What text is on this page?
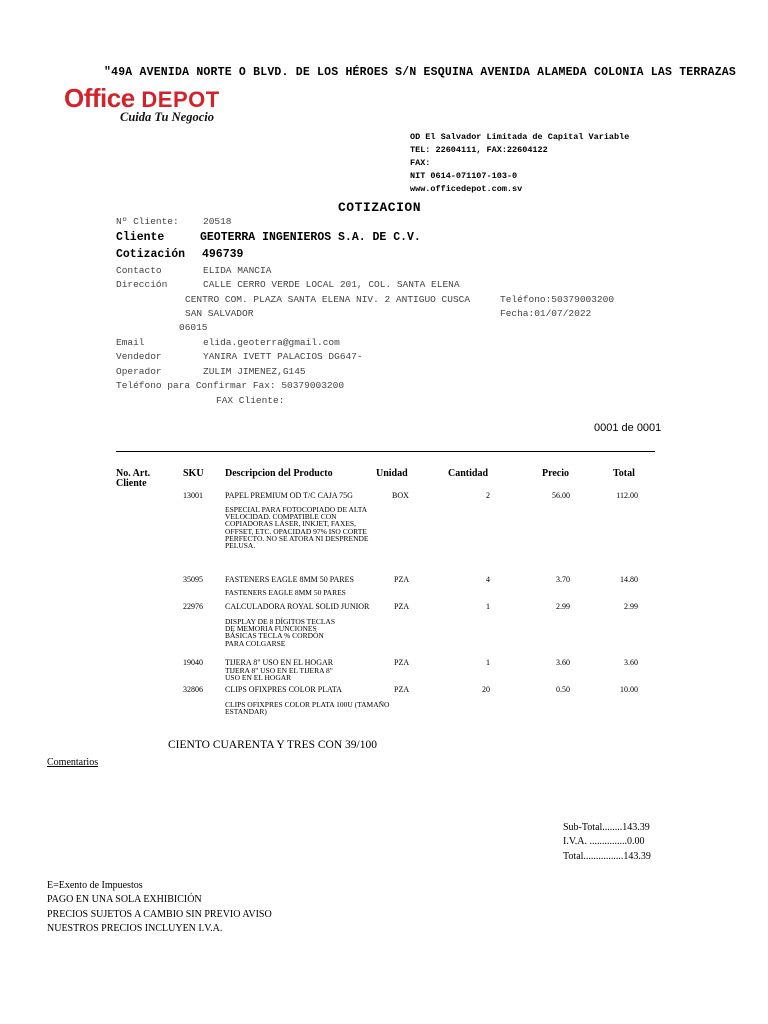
"49A AVENIDA NORTE O BLVD. DE LOS HÉROES S/N ESQUINA AVENIDA ALAMEDA COLONIA LAS TERRAZAS
Office DEPOT
Cuida Tu Negocio
OD El Salvador Limitada de Capital Variable
TEL: 22604111, FAX:22604122
FAX:
NIT 0614-071107-103-0
www.officedepot.com.sv
COTIZACION
Nº Cliente:	20518
Cliente	GEOTERRA INGENIEROS S.A. DE C.V.
Cotización 496739
Contacto	ELIDA MANCIA
Dirección	CALLE CERRO VERDE LOCAL 201, COL. SANTA ELENA
CENTRO COM. PLAZA SANTA ELENA NIV. 2 ANTIGUO CUSCA	Teléfono:50379003200
SAN SALVADOR	Fecha:01/07/2022
06015
Email	elida.geoterra@gmail.com
Vendedor	YANIRA IVETT PALACIOS DG647-
Operador	ZULIM JIMENEZ,G145
Teléfono para Confirmar Fax: 50379003200
FAX Cliente:
0001 de 0001
No. Art.
Cliente
SKU Descripcion del Producto	Unidad	Cantidad	Precio	Total
13001	PAPEL PREMIUM OD T/C CAJA 75G	BOX	2	56.00	112.00
ESPECIAL PARA FOTOCOPIADO DE ALTA VELOCIDAD. COMPATIBLE CON COPIADORAS LÁSER, INKJET, FAXES, OFFSET, ETC. OPACIDAD 97% ISO CORTE PERFECTO. NO SE ATORA NI DESPRENDE PELUSA.
35095	FASTENERS EAGLE 8MM 50 PARES	PZA	4	3.70	14.80
FASTENERS EAGLE 8MM 50 PARES
22976	CALCULADORA ROYAL SOLID JUNIOR	PZA	1	2.99	2.99
DISPLAY DE 8 DÍGITOS TECLAS DE MEMORIA FUNCIONES BÁSICAS TECLA % CORDÓN PARA COLGARSE
19040	TIJERA 8" USO EN EL HOGAR	PZA	1	3.60	3.60
TIJERA 8" USO EN EL TIJERA 8" USO EN EL HOGAR
32806	CLIPS OFIXPRES COLOR PLATA	PZA	20	0.50	10.00
CLIPS OFIXPRES COLOR PLATA 100U (TAMAÑO ESTANDAR)
CIENTO CUARENTA Y TRES CON 39/100
Comentarios
Sub-Total........143.39
I.V.A. ...............0.00
Total................143.39
E=Exento de Impuestos
PAGO EN UNA SOLA EXHIBICIÓN
PRECIOS SUJETOS A CAMBIO SIN PREVIO AVISO
NUESTROS PRECIOS INCLUYEN I.V.A.
